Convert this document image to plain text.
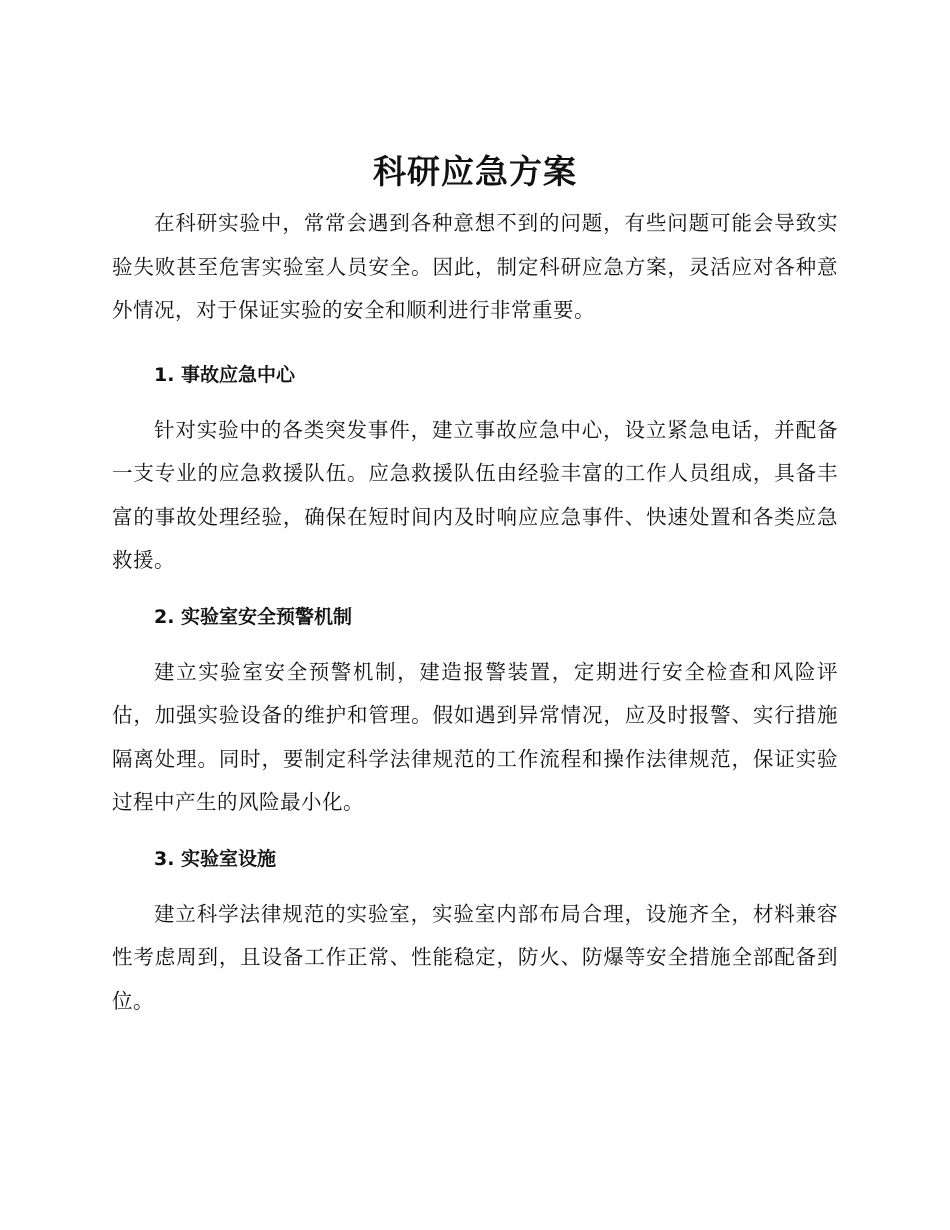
科研应急方案

在科研实验中，常常会遇到各种意想不到的问题，有些问题可能会导致实验失败甚至危害实验室人员安全。因此，制定科研应急方案，灵活应对各种意外情况，对于保证实验的安全和顺利进行非常重要。

1. 事故应急中心

针对实验中的各类突发事件，建立事故应急中心，设立紧急电话，并配备一支专业的应急救援队伍。应急救援队伍由经验丰富的工作人员组成，具备丰富的事故处理经验，确保在短时间内及时响应应急事件、快速处置和各类应急救援。

2. 实验室安全预警机制

建立实验室安全预警机制，建造报警装置，定期进行安全检查和风险评估，加强实验设备的维护和管理。假如遇到异常情况，应及时报警、实行措施隔离处理。同时，要制定科学法律规范的工作流程和操作法律规范，保证实验过程中产生的风险最小化。

3. 实验室设施

建立科学法律规范的实验室，实验室内部布局合理，设施齐全，材料兼容性考虑周到，且设备工作正常、性能稳定，防火、防爆等安全措施全部配备到位。
